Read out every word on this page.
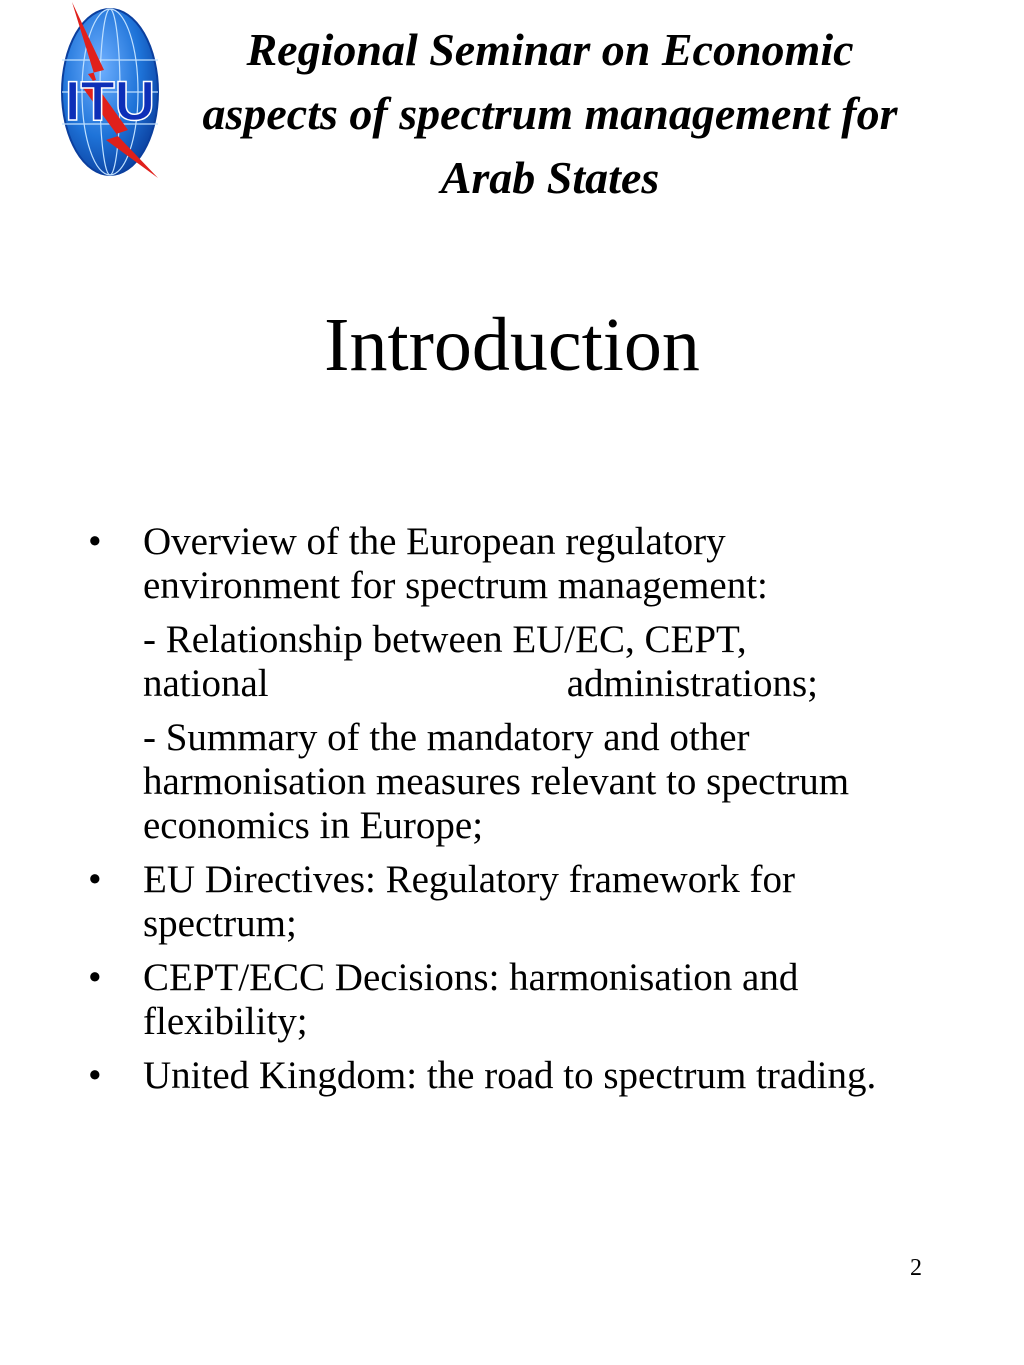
ITU
Regional Seminar on Economic
aspects of spectrum management for
Arab States
Introduction
• Overview of the European regulatory environment for spectrum management:
- Relationship between EU/EC, CEPT,

national	administrations;
- Summary of the mandatory and other harmonisation measures relevant to spectrum economics in Europe;
• EU Directives: Regulatory framework for spectrum;
• CEPT/ECC Decisions: harmonisation and flexibility;
• United Kingdom: the road to spectrum trading.
2
